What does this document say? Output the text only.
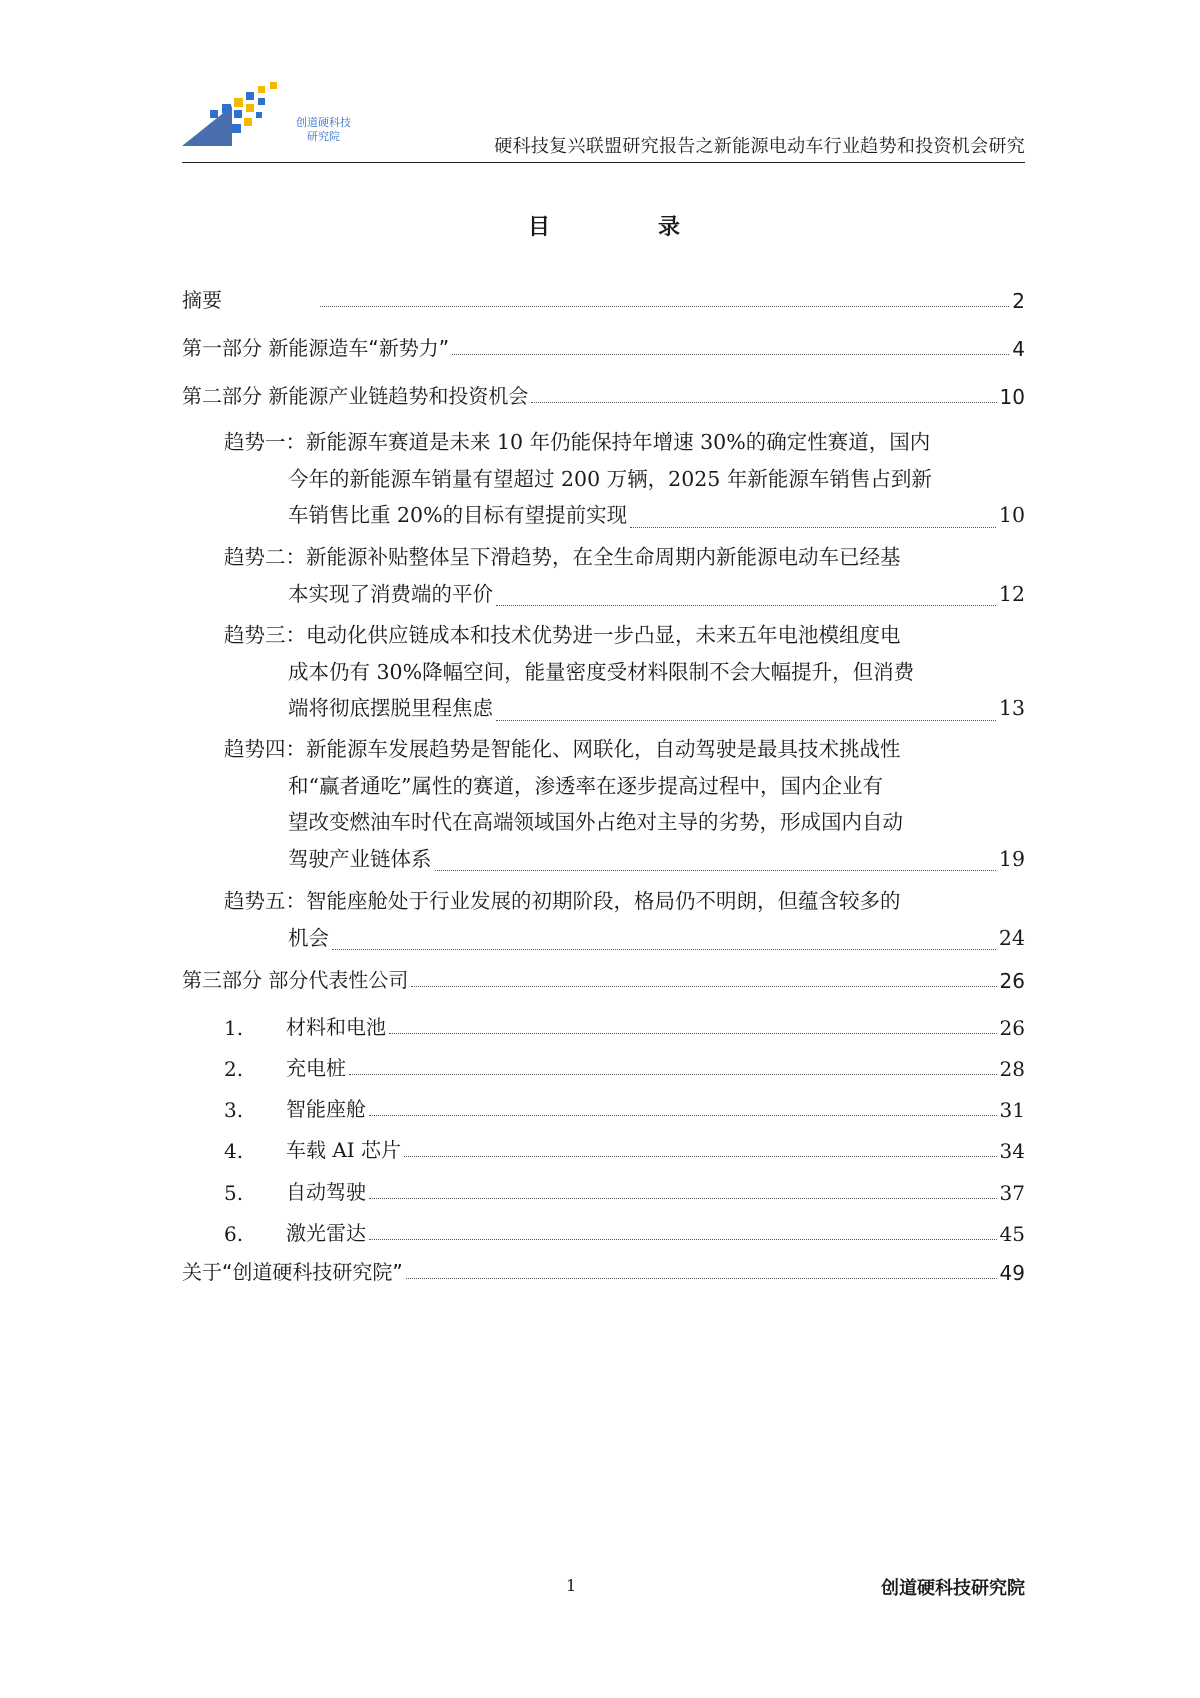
创道硬科技
研究院	硬科技复兴联盟研究报告之新能源电动车行业趋势和投资机会研究
目	录
摘要	2
第一部分 新能源造车“新势力”	4
第二部分 新能源产业链趋势和投资机会	10
趋势一：新能源车赛道是未来 10 年仍能保持年增速 30%的确定性赛道，国内
今年的新能源车销量有望超过 200 万辆，2025 年新能源车销售占到新
车销售比重 20%的目标有望提前实现	10
趋势二：新能源补贴整体呈下滑趋势，在全生命周期内新能源电动车已经基
本实现了消费端的平价	12
趋势三：电动化供应链成本和技术优势进一步凸显，未来五年电池模组度电
成本仍有 30%降幅空间，能量密度受材料限制不会大幅提升，但消费
端将彻底摆脱里程焦虑	13
趋势四：新能源车发展趋势是智能化、网联化，自动驾驶是最具技术挑战性
和“赢者通吃”属性的赛道，渗透率在逐步提高过程中，国内企业有
望改变燃油车时代在高端领域国外占绝对主导的劣势，形成国内自动
驾驶产业链体系	19
趋势五：智能座舱处于行业发展的初期阶段，格局仍不明朗，但蕴含较多的
机会	24
第三部分 部分代表性公司	26
1.	材料和电池	26
2.	充电桩	28
3.	智能座舱	31
4.	车载 AI 芯片	34
5.	自动驾驶	37
6.	激光雷达	45
关于“创道硬科技研究院”	49
1	创道硬科技研究院
